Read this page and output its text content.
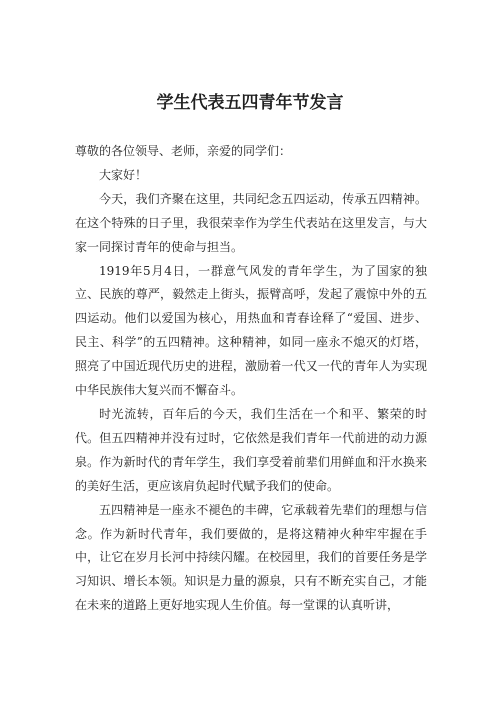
学生代表五四青年节发言

尊敬的各位领导、老师，亲爱的同学们：

大家好！

今天，我们齐聚在这里，共同纪念五四运动，传承五四精神。在这个特殊的日子里，我很荣幸作为学生代表站在这里发言，与大家一同探讨青年的使命与担当。

1919年5月4日，一群意气风发的青年学生，为了国家的独立、民族的尊严，毅然走上街头，振臂高呼，发起了震惊中外的五四运动。他们以爱国为核心，用热血和青春诠释了“爱国、进步、民主、科学”的五四精神。这种精神，如同一座永不熄灭的灯塔，照亮了中国近现代历史的进程，激励着一代又一代的青年人为实现中华民族伟大复兴而不懈奋斗。

时光流转，百年后的今天，我们生活在一个和平、繁荣的时代。但五四精神并没有过时，它依然是我们青年一代前进的动力源泉。作为新时代的青年学生，我们享受着前辈们用鲜血和汗水换来的美好生活，更应该肩负起时代赋予我们的使命。

五四精神是一座永不褪色的丰碑，它承载着先辈们的理想与信念。作为新时代青年，我们要做的，是将这精神火种牢牢握在手中，让它在岁月长河中持续闪耀。在校园里，我们的首要任务是学习知识、增长本领。知识是力量的源泉，只有不断充实自己，才能在未来的道路上更好地实现人生价值。每一堂课的认真听讲，
